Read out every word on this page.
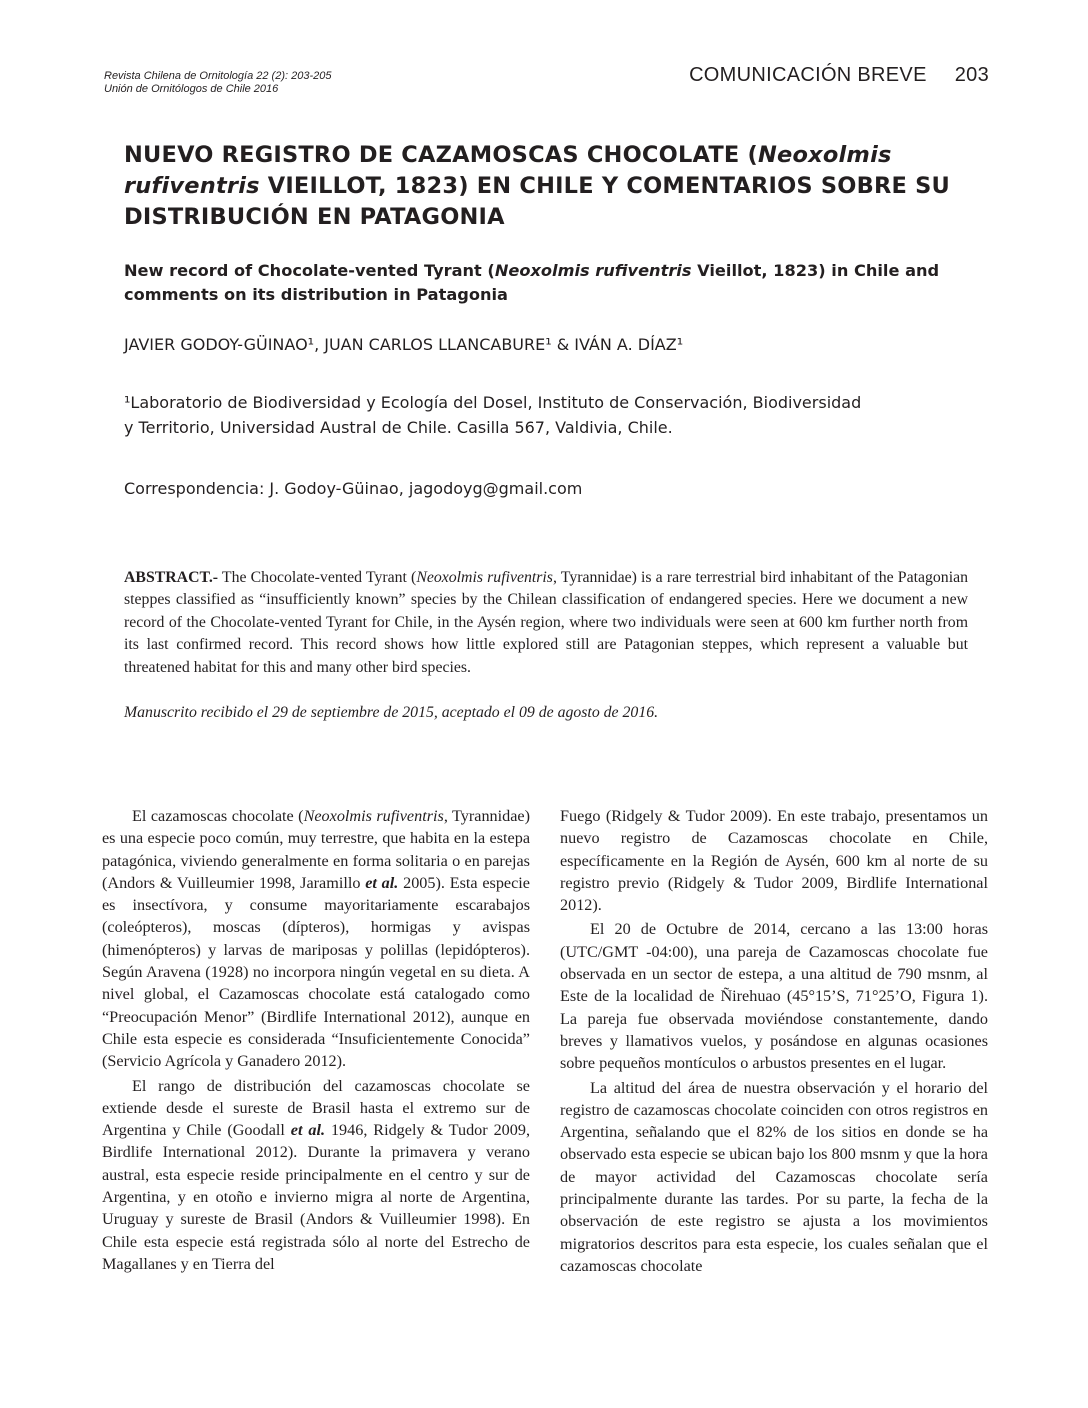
Revista Chilena de Ornitología 22 (2): 203-205
Unión de Ornitólogos de Chile 2016
COMUNICACIÓN BREVE 203
NUEVO REGISTRO DE CAZAMOSCAS CHOCOLATE (Neoxolmis rufiventris VIEILLOT, 1823) EN CHILE Y COMENTARIOS SOBRE SU DISTRIBUCIÓN EN PATAGONIA
New record of Chocolate-vented Tyrant (Neoxolmis rufiventris Vieillot, 1823) in Chile and comments on its distribution in Patagonia
JAVIER GODOY-GÜINAO¹, JUAN CARLOS LLANCABURE¹ & IVÁN A. DÍAZ¹
¹Laboratorio de Biodiversidad y Ecología del Dosel, Instituto de Conservación, Biodiversidad
y Territorio, Universidad Austral de Chile. Casilla 567, Valdivia, Chile.
Correspondencia: J. Godoy-Güinao, jagodoyg@gmail.com
ABSTRACT.- The Chocolate-vented Tyrant (Neoxolmis rufiventris, Tyrannidae) is a rare terrestrial bird inhabitant of the Patagonian steppes classified as “insufficiently known” species by the Chilean classification of endangered species. Here we document a new record of the Chocolate-vented Tyrant for Chile, in the Aysén region, where two individuals were seen at 600 km further north from its last confirmed record. This record shows how little explored still are Patagonian steppes, which represent a valuable but threatened habitat for this and many other bird species.
Manuscrito recibido el 29 de septiembre de 2015, aceptado el 09 de agosto de 2016.

El cazamoscas chocolate (Neoxolmis rufiventris, Tyrannidae) es una especie poco común, muy terrestre, que habita en la estepa patagónica, viviendo generalmente en forma solitaria o en parejas (Andors & Vuilleumier 1998, Jaramillo et al. 2005). Esta especie es insectívora, y consume mayoritariamente escarabajos (coleópteros), moscas (dípteros), hormigas y avispas (himenópteros) y larvas de mariposas y polillas (lepidópteros). Según Aravena (1928) no incorpora ningún vegetal en su dieta. A nivel global, el Cazamoscas chocolate está catalogado como “Preocupación Menor” (Birdlife International 2012), aunque en Chile esta especie es considerada “Insuficientemente Conocida” (Servicio Agrícola y Ganadero 2012).

El rango de distribución del cazamoscas chocolate se extiende desde el sureste de Brasil hasta el extremo sur de Argentina y Chile (Goodall et al. 1946, Ridgely & Tudor 2009, Birdlife International 2012). Durante la primavera y verano austral, esta especie reside principalmente en el centro y sur de Argentina, y en otoño e invierno migra al norte de Argentina, Uruguay y sureste de Brasil (Andors & Vuilleumier 1998). En Chile esta especie está registrada sólo al norte del Estrecho de Magallanes y en Tierra del

Fuego (Ridgely & Tudor 2009). En este trabajo, presentamos un nuevo registro de Cazamoscas chocolate en Chile, específicamente en la Región de Aysén, 600 km al norte de su registro previo (Ridgely & Tudor 2009, Birdlife International 2012).

El 20 de Octubre de 2014, cercano a las 13:00 horas (UTC/GMT -04:00), una pareja de Cazamoscas chocolate fue observada en un sector de estepa, a una altitud de 790 msnm, al Este de la localidad de Ñirehuao (45°15’S, 71°25’O, Figura 1). La pareja fue observada moviéndose constantemente, dando breves y llamativos vuelos, y posándose en algunas ocasiones sobre pequeños montículos o arbustos presentes en el lugar.

La altitud del área de nuestra observación y el horario del registro de cazamoscas chocolate coinciden con otros registros en Argentina, señalando que el 82% de los sitios en donde se ha observado esta especie se ubican bajo los 800 msnm y que la hora de mayor actividad del Cazamoscas chocolate sería principalmente durante las tardes. Por su parte, la fecha de la observación de este registro se ajusta a los movimientos migratorios descritos para esta especie, los cuales señalan que el cazamoscas chocolate
